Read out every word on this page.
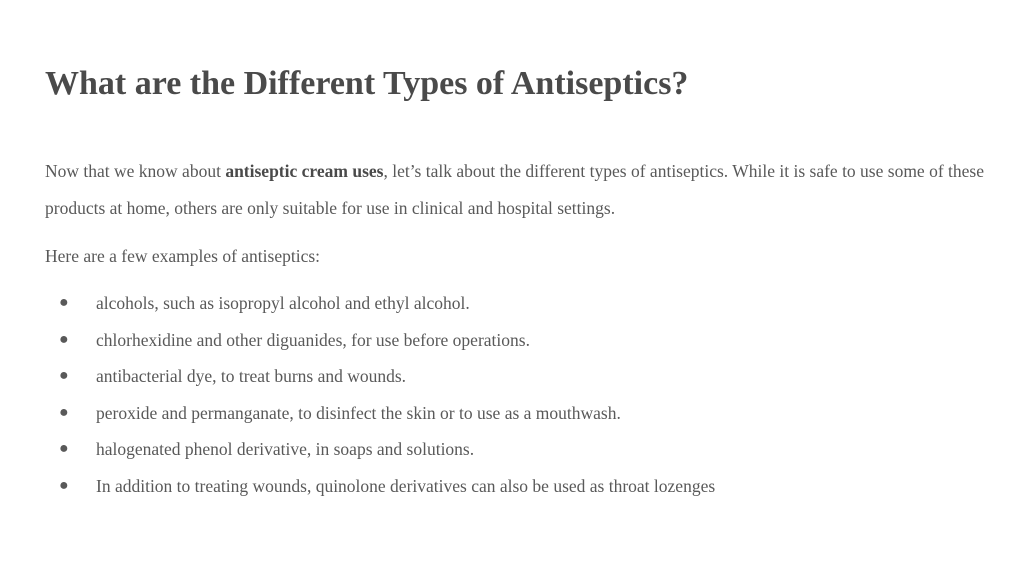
What are the Different Types of Antiseptics?

Now that we know about antiseptic cream uses, let’s talk about the different types of antiseptics. While it is safe to use some of these products at home, others are only suitable for use in clinical and hospital settings.

Here are a few examples of antiseptics:

● alcohols, such as isopropyl alcohol and ethyl alcohol.
● chlorhexidine and other diguanides, for use before operations.
● antibacterial dye, to treat burns and wounds.
● peroxide and permanganate, to disinfect the skin or to use as a mouthwash.
● halogenated phenol derivative, in soaps and solutions.
● In addition to treating wounds, quinolone derivatives can also be used as throat lozenges
